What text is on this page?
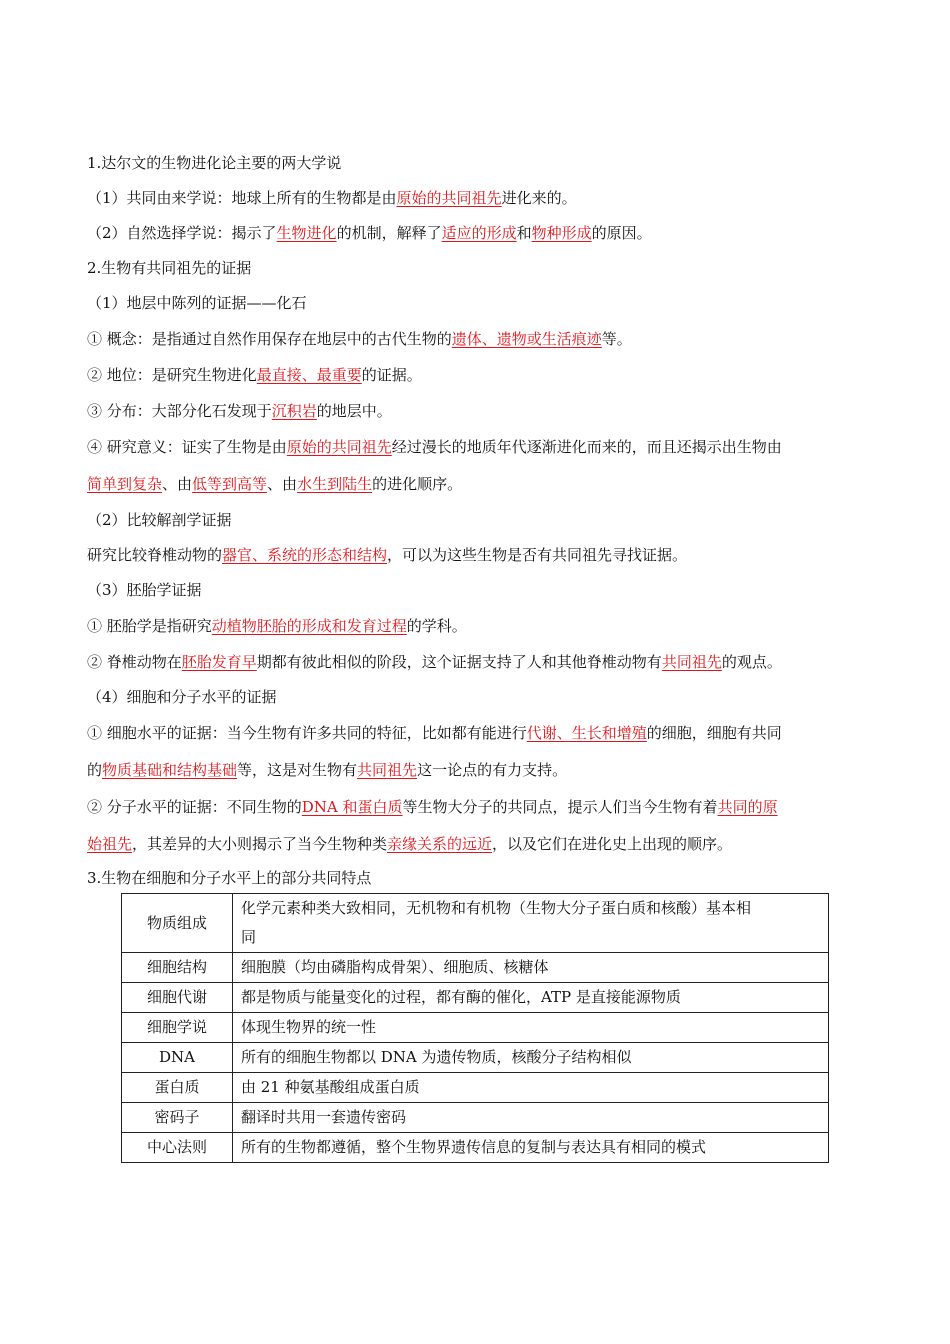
1.达尔文的生物进化论主要的两大学说
（1）共同由来学说：地球上所有的生物都是由原始的共同祖先进化来的。
（2）自然选择学说：揭示了生物进化的机制，解释了适应的形成和物种形成的原因。
2.生物有共同祖先的证据
（1）地层中陈列的证据——化石
① 概念：是指通过自然作用保存在地层中的古代生物的遗体、遗物或生活痕迹等。
② 地位：是研究生物进化最直接、最重要的证据。
③ 分布：大部分化石发现于沉积岩的地层中。
④ 研究意义：证实了生物是由原始的共同祖先经过漫长的地质年代逐渐进化而来的，而且还揭示出生物由
简单到复杂、由低等到高等、由水生到陆生的进化顺序。
（2）比较解剖学证据
研究比较脊椎动物的器官、系统的形态和结构，可以为这些生物是否有共同祖先寻找证据。
（3）胚胎学证据
① 胚胎学是指研究动植物胚胎的形成和发育过程的学科。
② 脊椎动物在胚胎发育早期都有彼此相似的阶段，这个证据支持了人和其他脊椎动物有共同祖先的观点。
（4）细胞和分子水平的证据
① 细胞水平的证据：当今生物有许多共同的特征，比如都有能进行代谢、生长和增殖的细胞，细胞有共同
的物质基础和结构基础等，这是对生物有共同祖先这一论点的有力支持。
② 分子水平的证据：不同生物的DNA 和蛋白质等生物大分子的共同点，提示人们当今生物有着共同的原
始祖先，其差异的大小则揭示了当今生物种类亲缘关系的远近，以及它们在进化史上出现的顺序。
3.生物在细胞和分子水平上的部分共同特点
物质组成	化学元素种类大致相同，无机物和有机物（生物大分子蛋白质和核酸）基本相
同
细胞结构	细胞膜（均由磷脂构成骨架）、细胞质、核糖体
细胞代谢	都是物质与能量变化的过程，都有酶的催化，ATP 是直接能源物质
细胞学说	体现生物界的统一性
DNA	所有的细胞生物都以 DNA 为遗传物质，核酸分子结构相似
蛋白质	由 21 种氨基酸组成蛋白质
密码子	翻译时共用一套遗传密码
中心法则	所有的生物都遵循，整个生物界遗传信息的复制与表达具有相同的模式
